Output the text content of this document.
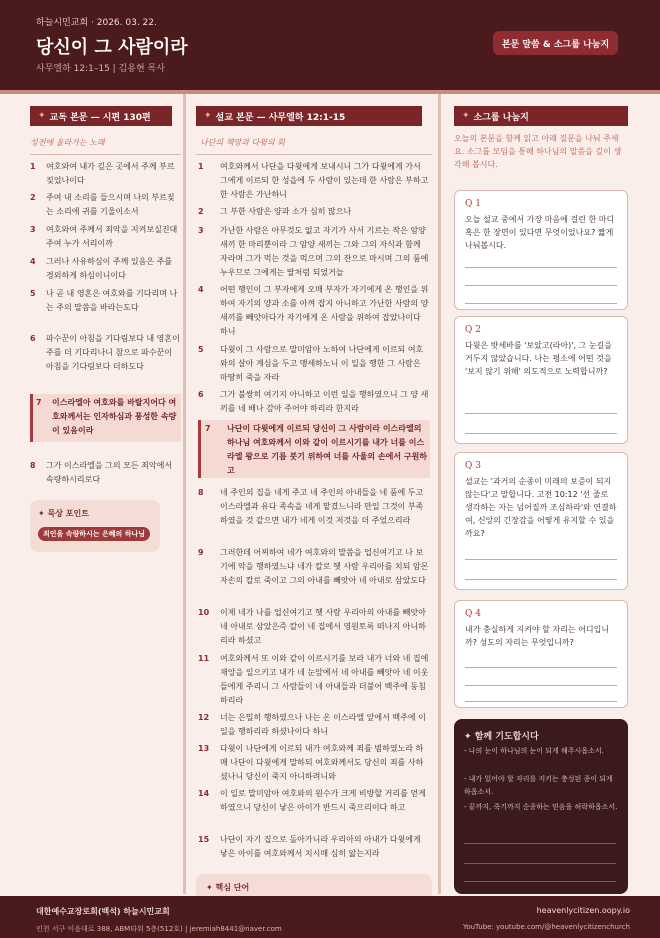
하늘시민교회 · 2026. 03. 22.
당신이 그 사람이라
사무엘하 12:1–15 | 김용현 목사
본문 말씀 & 소그룹 나눔지
✦ 교독 본문 — 시편 130편
성전에 올라가는 노래
1	여호와여 내가 깊은 곳에서 주께 부르짖었나이다
2	주여 내 소리를 들으시며 나의 부르짖는 소리에 귀를 기울이소서
3	여호와여 주께서 죄악을 지켜보실진대 주여 누가 서리이까
4	그러나 사유하심이 주께 있음은 주를 경외하게 하심이니이다
5	나 곧 내 영혼은 여호와를 기다리며 나는 주의 말씀을 바라는도다
6	파수꾼이 아침을 기다림보다 내 영혼이 주를 더 기다리나니 참으로 파수꾼이 아침을 기다림보다 더하도다
7	이스라엘아 여호와를 바랄지어다 여호와께서는 인자하심과 풍성한 속량이 있음이라
8	그가 이스라엘을 그의 모든 죄악에서 속량하시리로다
✦ 묵상 포인트
죄인을 속량하시는 은혜의 하나님
✦ 설교 본문 — 사무엘하 12:1-15
나단의 책망과 다윗의 회
1	여호와께서 나단을 다윗에게 보내시니 그가 다윗에게 가서 그에게 이르되 한 성읍에 두 사람이 있는데 한 사람은 부하고 한 사람은 가난하니
2	그 부한 사람은 양과 소가 심히 많으나
3	가난한 사람은 아무것도 없고 자기가 사서 기르는 작은 암양 새끼 한 마리뿐이라 그 암양 새끼는 그와 그의 자식과 함께 자라며 그가 먹는 것을 먹으며 그의 잔으로 마시며 그의 품에 누우므로 그에게는 딸처럼 되었거늘
4	어떤 행인이 그 부자에게 오매 부자가 자기에게 온 행인을 위하여 자기의 양과 소를 아껴 잡지 아니하고 가난한 사람의 양 새끼를 빼앗아다가 자기에게 온 사람을 위하여 잡았나이다 하니
5	다윗이 그 사람으로 말미암아 노하여 나단에게 이르되 여호와의 살아 계심을 두고 맹세하노니 이 일을 행한 그 사람은 마땅히 죽을 자라
6	그가 불쌍히 여기지 아니하고 이런 일을 행하였으니 그 양 새끼를 네 배나 갚아 주어야 하리라 한지라
7	나단이 다윗에게 이르되 당신이 그 사람이라 이스라엘의 하나님 여호와께서 이와 같이 이르시기를 내가 너를 이스라엘 왕으로 기름 붓기 위하여 너를 사울의 손에서 구원하고
8	네 주인의 집을 네게 주고 네 주인의 아내들을 네 품에 두고 이스라엘과 유다 족속을 네게 맡겼느니라 만일 그것이 부족하였을 것 같으면 내가 네게 이것 저것을 더 주었으리라
9	그러한데 어찌하여 네가 여호와의 말씀을 업신여기고 나 보기에 악을 행하였느냐 네가 칼로 헷 사람 우리아를 치되 암몬 자손의 칼로 죽이고 그의 아내를 빼앗아 네 아내로 삼았도다
10	이제 네가 나를 업신여기고 헷 사람 우리아의 아내를 빼앗아 네 아내로 삼았은즉 칼이 네 집에서 영원토록 떠나지 아니하리라 하셨고
11	여호와께서 또 이와 같이 이르시기를 보라 내가 너와 네 집에 재앙을 일으키고 내가 네 눈앞에서 네 아내를 빼앗아 네 이웃들에게 주리니 그 사람들이 네 아내들과 더불어 백주에 동침하리라
12	너는 은밀히 행하였으나 나는 온 이스라엘 앞에서 백주에 이 일을 행하리라 하셨나이다 하니
13	다윗이 나단에게 이르되 내가 여호와께 죄를 범하였노라 하매 나단이 다윗에게 말하되 여호와께서도 당신의 죄를 사하셨나니 당신이 죽지 아니하려니와
14	이 일로 말미암아 여호와의 원수가 크게 비방할 거리를 얻게 하였으니 당신이 낳은 아이가 반드시 죽으리이다 하고
15	나단이 자기 집으로 돌아가니라 우리아의 아내가 다윗에게 낳은 아이를 여호와께서 치시매 심히 앓는지라
✦ 핵심 단어
✦ 소그룹 나눔지
오늘의 본문을 함께 읽고 아래 질문을 나눠 주세요. 소그룹 모임을 통해 하나님의 말씀을 깊이 생각해 봅시다.
Q 1
오늘 설교 중에서 가장 마음에 걸린 한 마디 혹은 한 장면이 있다면 무엇이었나요? 짧게 나눠봅시다.
Q 2
다윗은 밧세바를 '보았고(라아)', 그 눈길을 거두지 않았습니다. 나는 평소에 어떤 것을 '보지 않기 위해' 의도적으로 노력합니까?
Q 3
설교는 '과거의 순종이 미래의 보증이 되지 않는다'고 말합니다. 고전 10:12 '선 줄로 생각하는 자는 넘어질까 조심하라'와 연결하여, 신앙의 긴장감을 어떻게 유지할 수 있을까요?
Q 4
내가 충실하게 지켜야 할 자리는 어디입니까? 성도의 자리는 무엇입니까?
✦ 함께 기도합시다
- 나의 눈이 하나님의 눈이 되게 해주시옵소서.
- 내가 있어야 할 자리를 지키는 충성된 종이 되게 하옵소서.
- 끝까지, 죽기까지 순종하는 믿음을 허락하옵소서.
대한예수교장로회(백석) 하늘시민교회
인천 서구 이음대로 388, ABM타워 5층(512호) | jeremiah8441@naver.com
heavenlycitizen.oopy.io
YouTube: youtube.com/@heavenlycitizenchurch
